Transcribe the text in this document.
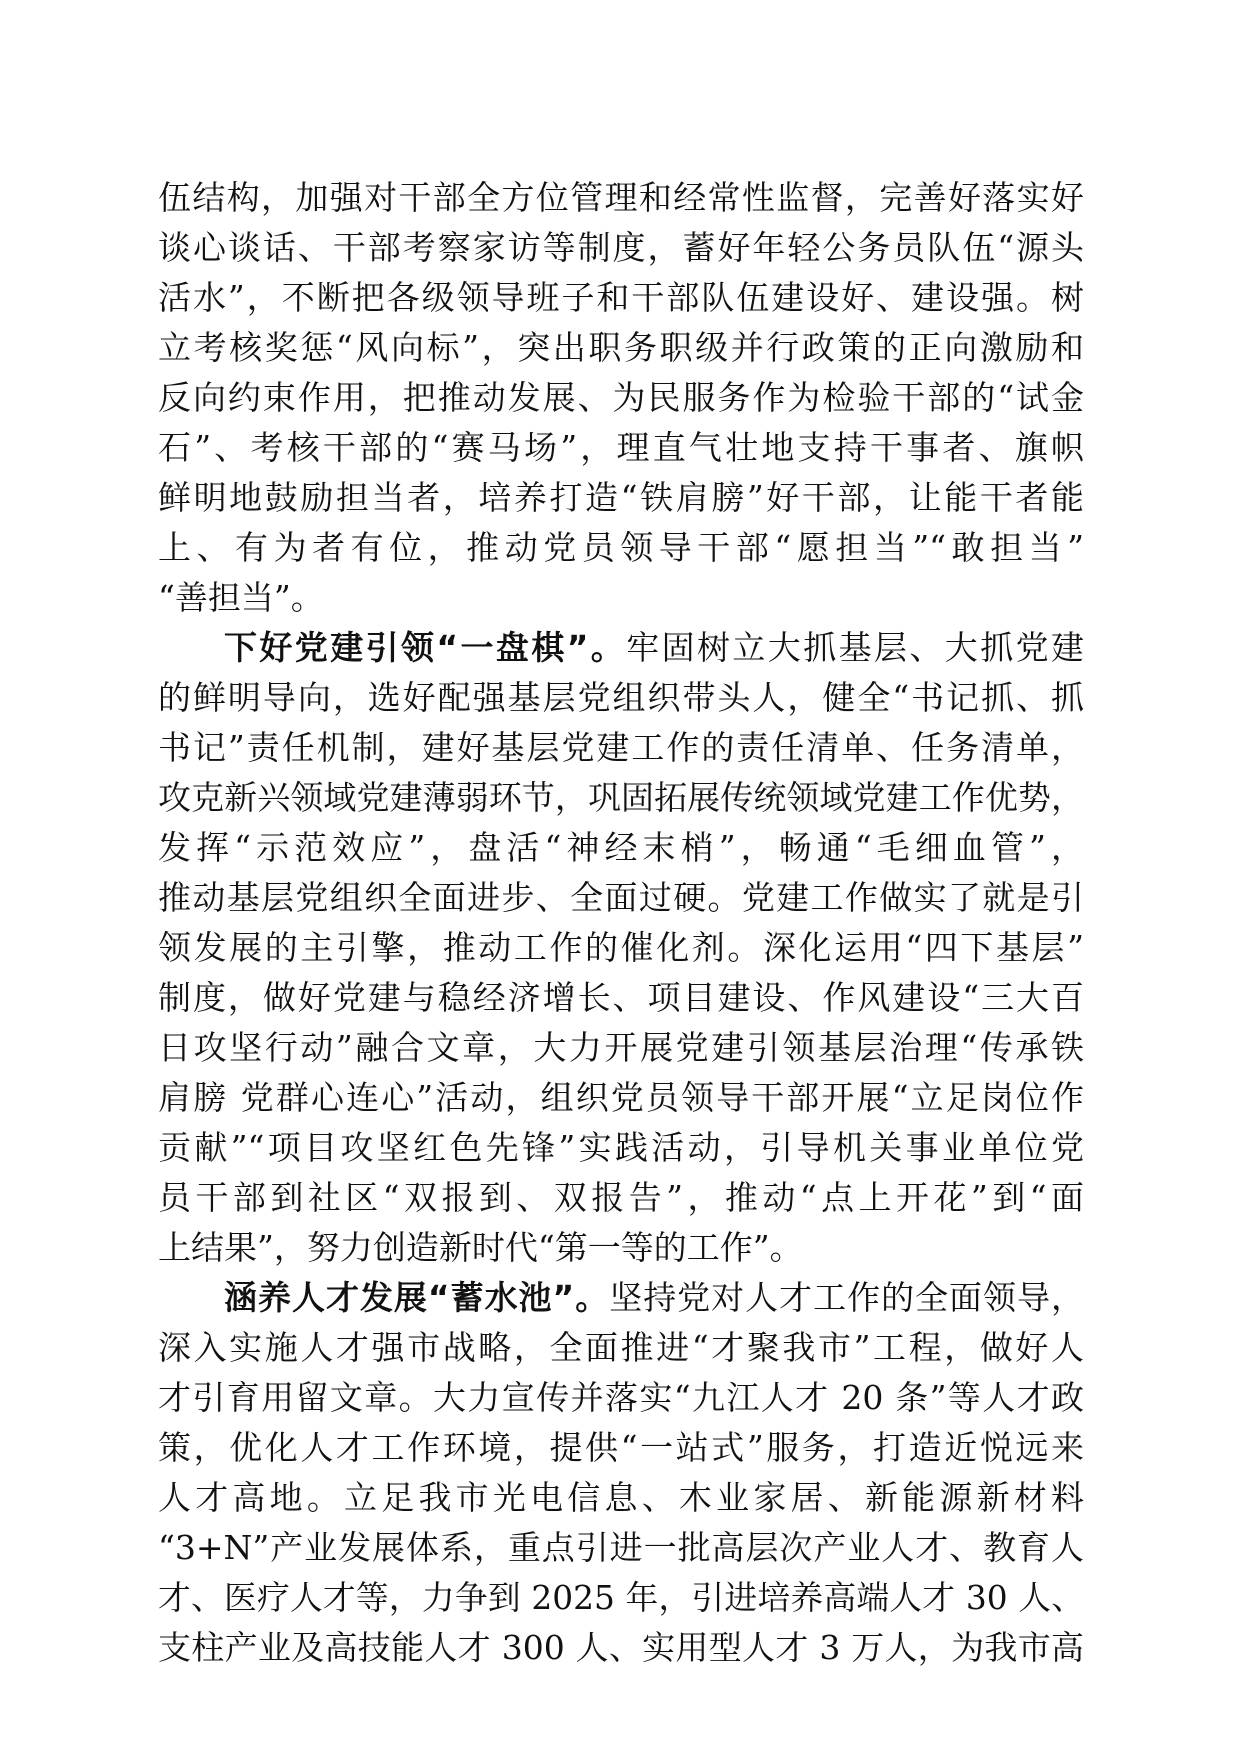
伍结构，加强对干部全方位管理和经常性监督，完善好落实好
谈心谈话、干部考察家访等制度，蓄好年轻公务员队伍“源头
活水”，不断把各级领导班子和干部队伍建设好、建设强。树
立考核奖惩“风向标”，突出职务职级并行政策的正向激励和
反向约束作用，把推动发展、为民服务作为检验干部的“试金
石”、考核干部的“赛马场”，理直气壮地支持干事者、旗帜
鲜明地鼓励担当者，培养打造“铁肩膀”好干部，让能干者能
上、有为者有位，推动党员领导干部“愿担当”“敢担当”
“善担当”。
下好党建引领“一盘棋”。牢固树立大抓基层、大抓党建
的鲜明导向，选好配强基层党组织带头人，健全“书记抓、抓
书记”责任机制，建好基层党建工作的责任清单、任务清单，
攻克新兴领域党建薄弱环节，巩固拓展传统领域党建工作优势，
发挥“示范效应”，盘活“神经末梢”，畅通“毛细血管”，
推动基层党组织全面进步、全面过硬。党建工作做实了就是引
领发展的主引擎，推动工作的催化剂。深化运用“四下基层”
制度，做好党建与稳经济增长、项目建设、作风建设“三大百
日攻坚行动”融合文章，大力开展党建引领基层治理“传承铁
肩膀 党群心连心”活动，组织党员领导干部开展“立足岗位作
贡献”“项目攻坚红色先锋”实践活动，引导机关事业单位党
员干部到社区“双报到、双报告”，推动“点上开花”到“面
上结果”，努力创造新时代“第一等的工作”。
涵养人才发展“蓄水池”。坚持党对人才工作的全面领导，
深入实施人才强市战略，全面推进“才聚我市”工程，做好人
才引育用留文章。大力宣传并落实“九江人才 20 条”等人才政
策，优化人才工作环境，提供“一站式”服务，打造近悦远来
人才高地。立足我市光电信息、木业家居、新能源新材料
“3+N”产业发展体系，重点引进一批高层次产业人才、教育人
才、医疗人才等，力争到 2025 年，引进培养高端人才 30 人、
支柱产业及高技能人才 300 人、实用型人才 3 万人，为我市高
